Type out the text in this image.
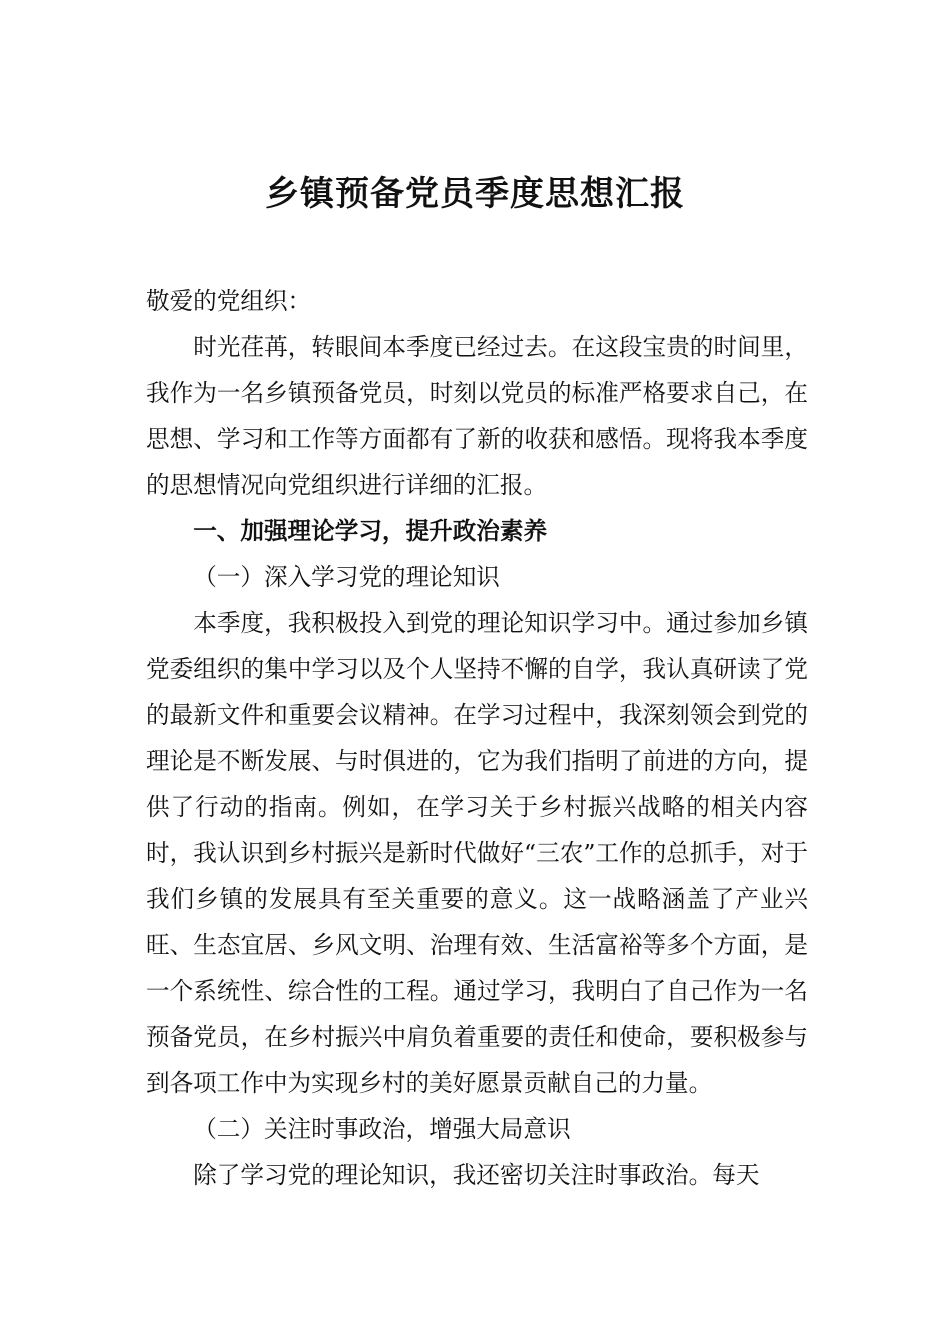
乡镇预备党员季度思想汇报

敬爱的党组织：

时光荏苒，转眼间本季度已经过去。在这段宝贵的时间里，我作为一名乡镇预备党员，时刻以党员的标准严格要求自己，在思想、学习和工作等方面都有了新的收获和感悟。现将我本季度的思想情况向党组织进行详细的汇报。

一、加强理论学习，提升政治素养

（一）深入学习党的理论知识

本季度，我积极投入到党的理论知识学习中。通过参加乡镇党委组织的集中学习以及个人坚持不懈的自学，我认真研读了党的最新文件和重要会议精神。在学习过程中，我深刻领会到党的理论是不断发展、与时俱进的，它为我们指明了前进的方向，提供了行动的指南。例如，在学习关于乡村振兴战略的相关内容时，我认识到乡村振兴是新时代做好“三农”工作的总抓手，对于我们乡镇的发展具有至关重要的意义。这一战略涵盖了产业兴旺、生态宜居、乡风文明、治理有效、生活富裕等多个方面，是一个系统性、综合性的工程。通过学习，我明白了自己作为一名预备党员，在乡村振兴中肩负着重要的责任和使命，要积极参与到各项工作中为实现乡村的美好愿景贡献自己的力量。

（二）关注时事政治，增强大局意识

除了学习党的理论知识，我还密切关注时事政治。每天
